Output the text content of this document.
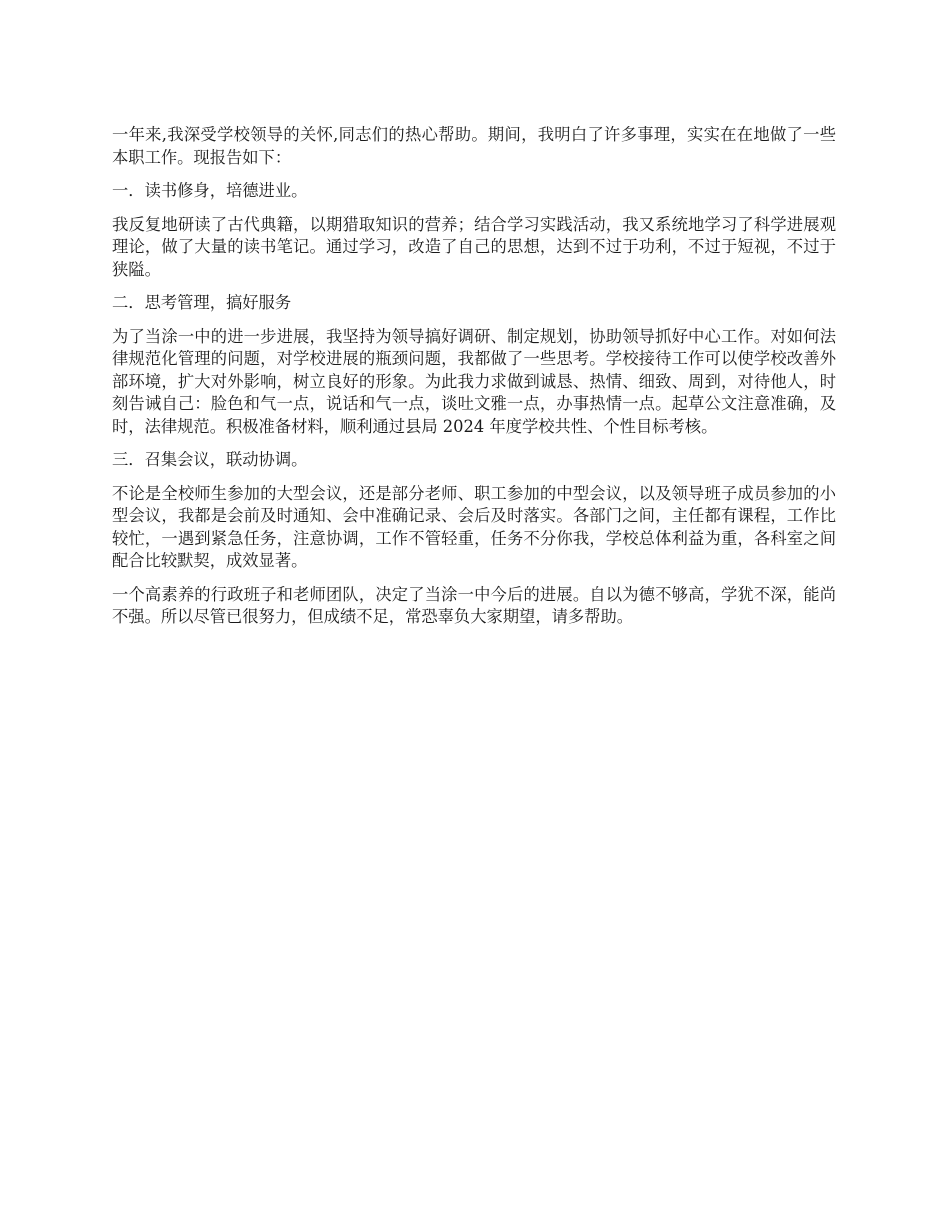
一年来,我深受学校领导的关怀,同志们的热心帮助。期间，我明白了许多事理，实实在在地做了一些本职工作。现报告如下：

一．读书修身，培德进业。

我反复地研读了古代典籍，以期猎取知识的营养；结合学习实践活动，我又系统地学习了科学进展观理论，做了大量的读书笔记。通过学习，改造了自己的思想，达到不过于功利，不过于短视，不过于狭隘。

二．思考管理，搞好服务

为了当涂一中的进一步进展，我坚持为领导搞好调研、制定规划，协助领导抓好中心工作。对如何法律规范化管理的问题，对学校进展的瓶颈问题，我都做了一些思考。学校接待工作可以使学校改善外部环境，扩大对外影响，树立良好的形象。为此我力求做到诚恳、热情、细致、周到，对待他人，时刻告诫自己：脸色和气一点，说话和气一点，谈吐文雅一点，办事热情一点。起草公文注意准确，及时，法律规范。积极准备材料，顺利通过县局 2024 年度学校共性、个性目标考核。

三．召集会议，联动协调。

不论是全校师生参加的大型会议，还是部分老师、职工参加的中型会议，以及领导班子成员参加的小型会议，我都是会前及时通知、会中准确记录、会后及时落实。各部门之间，主任都有课程，工作比较忙，一遇到紧急任务，注意协调，工作不管轻重，任务不分你我，学校总体利益为重，各科室之间配合比较默契，成效显著。

一个高素养的行政班子和老师团队，决定了当涂一中今后的进展。自以为德不够高，学犹不深，能尚不强。所以尽管已很努力，但成绩不足，常恐辜负大家期望，请多帮助。
